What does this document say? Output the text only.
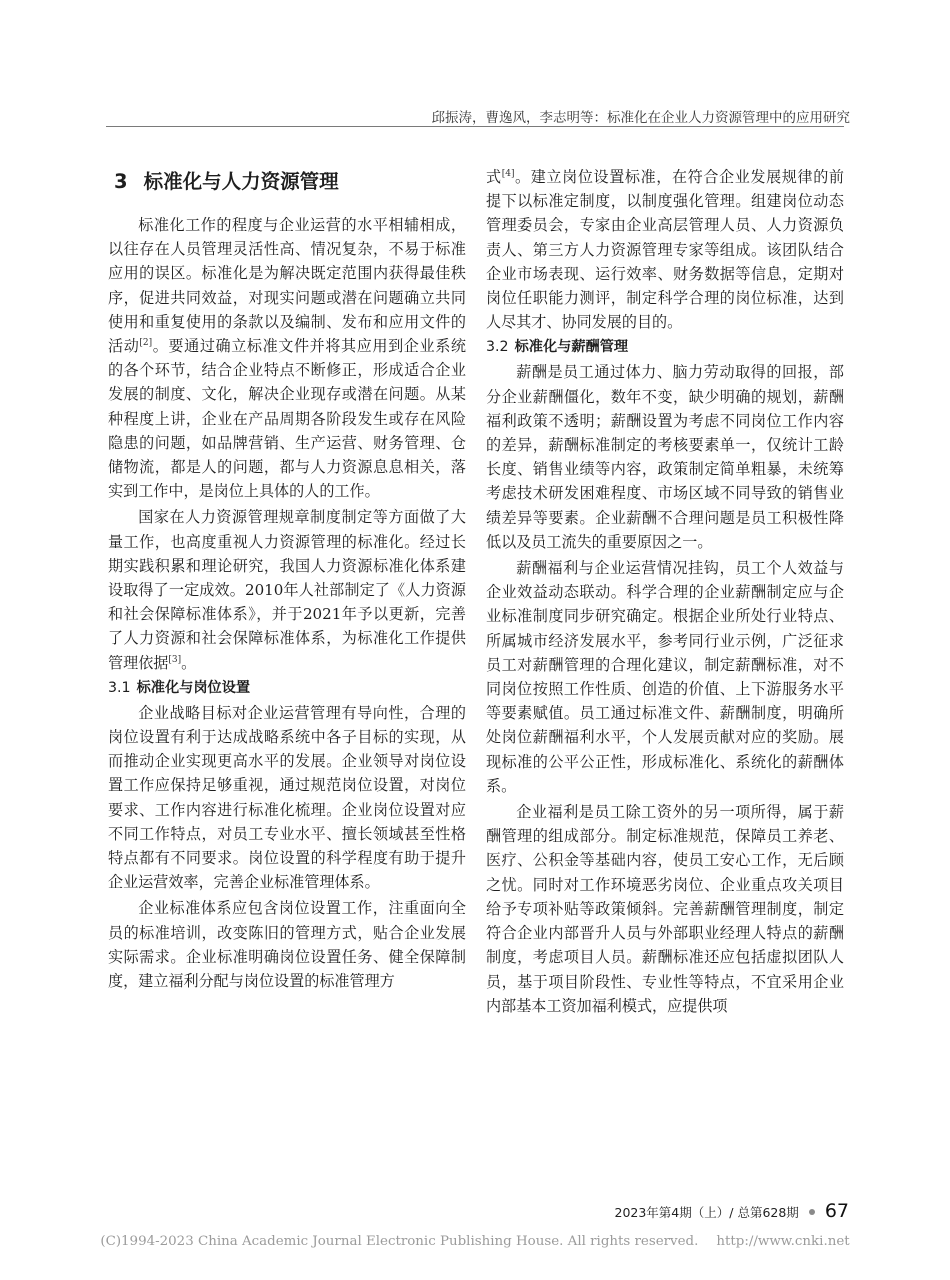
邱振涛，曹逸风，李志明等：标准化在企业人力资源管理中的应用研究
3 标准化与人力资源管理

标准化工作的程度与企业运营的水平相辅相成，以往存在人员管理灵活性高、情况复杂，不易于标准应用的误区。标准化是为解决既定范围内获得最佳秩序，促进共同效益，对现实问题或潜在问题确立共同使用和重复使用的条款以及编制、发布和应用文件的活动[2]。要通过确立标准文件并将其应用到企业系统的各个环节，结合企业特点不断修正，形成适合企业发展的制度、文化，解决企业现存或潜在问题。从某种程度上讲，企业在产品周期各阶段发生或存在风险隐患的问题，如品牌营销、生产运营、财务管理、仓储物流，都是人的问题，都与人力资源息息相关，落实到工作中，是岗位上具体的人的工作。

国家在人力资源管理规章制度制定等方面做了大量工作，也高度重视人力资源管理的标准化。经过长期实践积累和理论研究，我国人力资源标准化体系建设取得了一定成效。2010年人社部制定了《人力资源和社会保障标准体系》，并于2021年予以更新，完善了人力资源和社会保障标准体系，为标准化工作提供管理依据[3]。

3.1 标准化与岗位设置

企业战略目标对企业运营管理有导向性，合理的岗位设置有利于达成战略系统中各子目标的实现，从而推动企业实现更高水平的发展。企业领导对岗位设置工作应保持足够重视，通过规范岗位设置，对岗位要求、工作内容进行标准化梳理。企业岗位设置对应不同工作特点，对员工专业水平、擅长领域甚至性格特点都有不同要求。岗位设置的科学程度有助于提升企业运营效率，完善企业标准管理体系。

企业标准体系应包含岗位设置工作，注重面向全员的标准培训，改变陈旧的管理方式，贴合企业发展实际需求。企业标准明确岗位设置任务、健全保障制度，建立福利分配与岗位设置的标准管理方

式[4]。建立岗位设置标准，在符合企业发展规律的前提下以标准定制度，以制度强化管理。组建岗位动态管理委员会，专家由企业高层管理人员、人力资源负责人、第三方人力资源管理专家等组成。该团队结合企业市场表现、运行效率、财务数据等信息，定期对岗位任职能力测评，制定科学合理的岗位标准，达到人尽其才、协同发展的目的。

3.2 标准化与薪酬管理

薪酬是员工通过体力、脑力劳动取得的回报，部分企业薪酬僵化，数年不变，缺少明确的规划，薪酬福利政策不透明；薪酬设置为考虑不同岗位工作内容的差异，薪酬标准制定的考核要素单一，仅统计工龄长度、销售业绩等内容，政策制定简单粗暴，未统筹考虑技术研发困难程度、市场区域不同导致的销售业绩差异等要素。企业薪酬不合理问题是员工积极性降低以及员工流失的重要原因之一。

薪酬福利与企业运营情况挂钩，员工个人效益与企业效益动态联动。科学合理的企业薪酬制定应与企业标准制度同步研究确定。根据企业所处行业特点、所属城市经济发展水平，参考同行业示例，广泛征求员工对薪酬管理的合理化建议，制定薪酬标准，对不同岗位按照工作性质、创造的价值、上下游服务水平等要素赋值。员工通过标准文件、薪酬制度，明确所处岗位薪酬福利水平，个人发展贡献对应的奖励。展现标准的公平公正性，形成标准化、系统化的薪酬体系。

企业福利是员工除工资外的另一项所得，属于薪酬管理的组成部分。制定标准规范，保障员工养老、医疗、公积金等基础内容，使员工安心工作，无后顾之忧。同时对工作环境恶劣岗位、企业重点攻关项目给予专项补贴等政策倾斜。完善薪酬管理制度，制定符合企业内部晋升人员与外部职业经理人特点的薪酬制度，考虑项目人员。薪酬标准还应包括虚拟团队人员，基于项目阶段性、专业性等特点，不宜采用企业内部基本工资加福利模式，应提供项

2023年第4期（上）/ 总第628期 67
(C)1994-2023 China Academic Journal Electronic Publishing House. All rights reserved. http://www.cnki.net
